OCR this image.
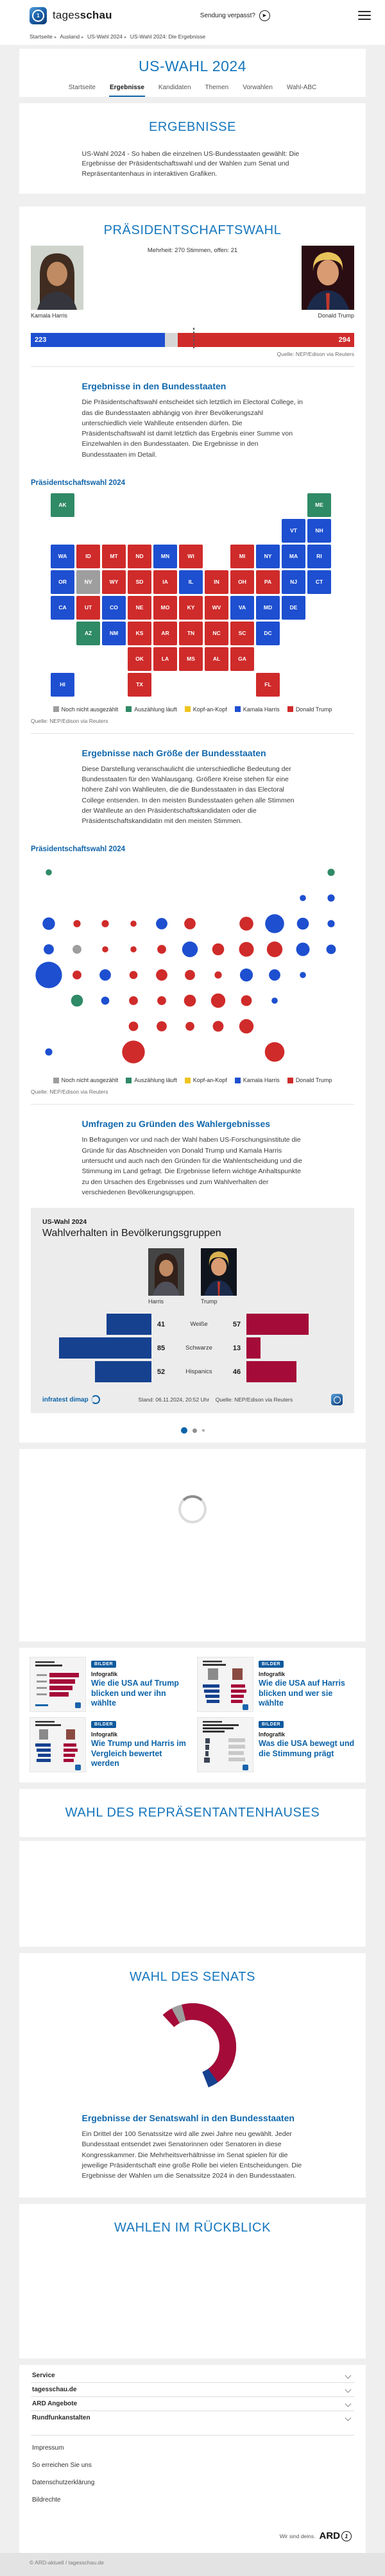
1	tagesschau	Sendung verpasst?	▶
Startseite ▸ Ausland ▸ US-Wahl 2024 ▸ US-Wahl 2024: Die Ergebnisse
US-WAHL 2024
Startseite Ergebnisse Kandidaten Themen Vorwahlen Wahl-ABC
ERGEBNISSE

US-Wahl 2024 - So haben die einzelnen US-Bundesstaaten gewählt: Die Ergebnisse der Präsidentschaftswahl und der Wahlen zum Senat und Repräsentantenhaus in interaktiven Grafiken.

PRÄSIDENTSCHAFTSWAHL
Kamala Harris
Mehrheit: 270 Stimmen, offen: 21
Donald Trump
223	294
Quelle: NEP/Edison via Reuters
Ergebnisse in den Bundesstaaten

Die Präsidentschaftswahl entscheidet sich letztlich im Electoral College, in das die Bundesstaaten abhängig von ihrer Bevölkerungszahl unterschiedlich viele Wahlleute entsenden dürfen. Die Präsidentschaftswahl ist damit letztlich das Ergebnis einer Summe von Einzelwahlen in den Bundesstaaten. Die Ergebnisse in den Bundesstaaten im Detail.

Präsidentschaftswahl 2024
AK	ME
VT	NH
WA	ID	MT	ND	MN	WI	MI	NY	MA	RI
OR	NV	WY	SD	IA	IL	IN	OH	PA	NJ	CT
CA	UT	CO	NE	MO	KY	WV	VA	MD	DE
AZ	NM	KS	AR	TN	NC	SC	DC
OK	LA	MS	AL	GA
HI	TX	FL
Noch nicht ausgezählt	Auszählung läuft	Kopf-an-Kopf	Kamala Harris	Donald Trump
Quelle: NEP/Edison via Reuters
Ergebnisse nach Größe der Bundesstaaten

Diese Darstellung veranschaulicht die unterschiedliche Bedeutung der Bundesstaaten für den Wahlausgang. Größere Kreise stehen für eine höhere Zahl von Wahlleuten, die die Bundesstaaten in das Electoral College entsenden. In den meisten Bundesstaaten gehen alle Stimmen der Wahlleute an den Präsidentschaftskandidaten oder die Präsidentschaftskandidatin mit den meisten Stimmen.

Präsidentschaftswahl 2024
Noch nicht ausgezählt	Auszählung läuft	Kopf-an-Kopf	Kamala Harris	Donald Trump
Quelle: NEP/Edison via Reuters
Umfragen zu Gründen des Wahlergebnisses

In Befragungen vor und nach der Wahl haben US-Forschungsinstitute die Gründe für das Abschneiden von Donald Trump und Kamala Harris untersucht und auch nach den Gründen für die Wahlentscheidung und die Stimmung im Land gefragt. Die Ergebnisse liefern wichtige Anhaltspunkte zu den Ursachen des Ergebnisses und zum Wahlverhalten der verschiedenen Bevölkerungsgruppen.

US-Wahl 2024
Wahlverhalten in Bevölkerungsgruppen
Harris	Trump
41	Weiße	57
85	Schwarze	13
52	Hispanics	46
infratest dimap	Stand: 06.11.2024, 20:52 Uhr Quelle: NEP/Edison via Reuters
BILDER
Infografik
Wie die USA auf Trump blicken und wer ihn wählte
BILDER
Infografik
Wie die USA auf Harris blicken und wer sie wählte
BILDER
Infografik
Wie Trump und Harris im Vergleich bewertet werden
BILDER
Infografik
Was die USA bewegt und die Stimmung prägt
WAHL DES REPRÄSENTANTENHAUSES
WAHL DES SENATS
Ergebnisse der Senatswahl in den Bundesstaaten

Ein Drittel der 100 Senatssitze wird alle zwei Jahre neu gewählt. Jeder Bundesstaat entsendet zwei Senatorinnen oder Senatoren in diese Kongresskammer. Die Mehrheitsverhältnisse im Senat spielen für die jeweilige Präsidentschaft eine große Rolle bei vielen Entscheidungen. Die Ergebnisse der Wahlen um die Senatssitze 2024 in den Bundesstaaten.

WAHLEN IM RÜCKBLICK
Service
tagesschau.de
ARD Angebote
Rundfunkanstalten
Impressum
So erreichen Sie uns
Datenschutzerklärung
Bildrechte
Wir sind deins. ARD 1
© ARD-aktuell / tagesschau.de
